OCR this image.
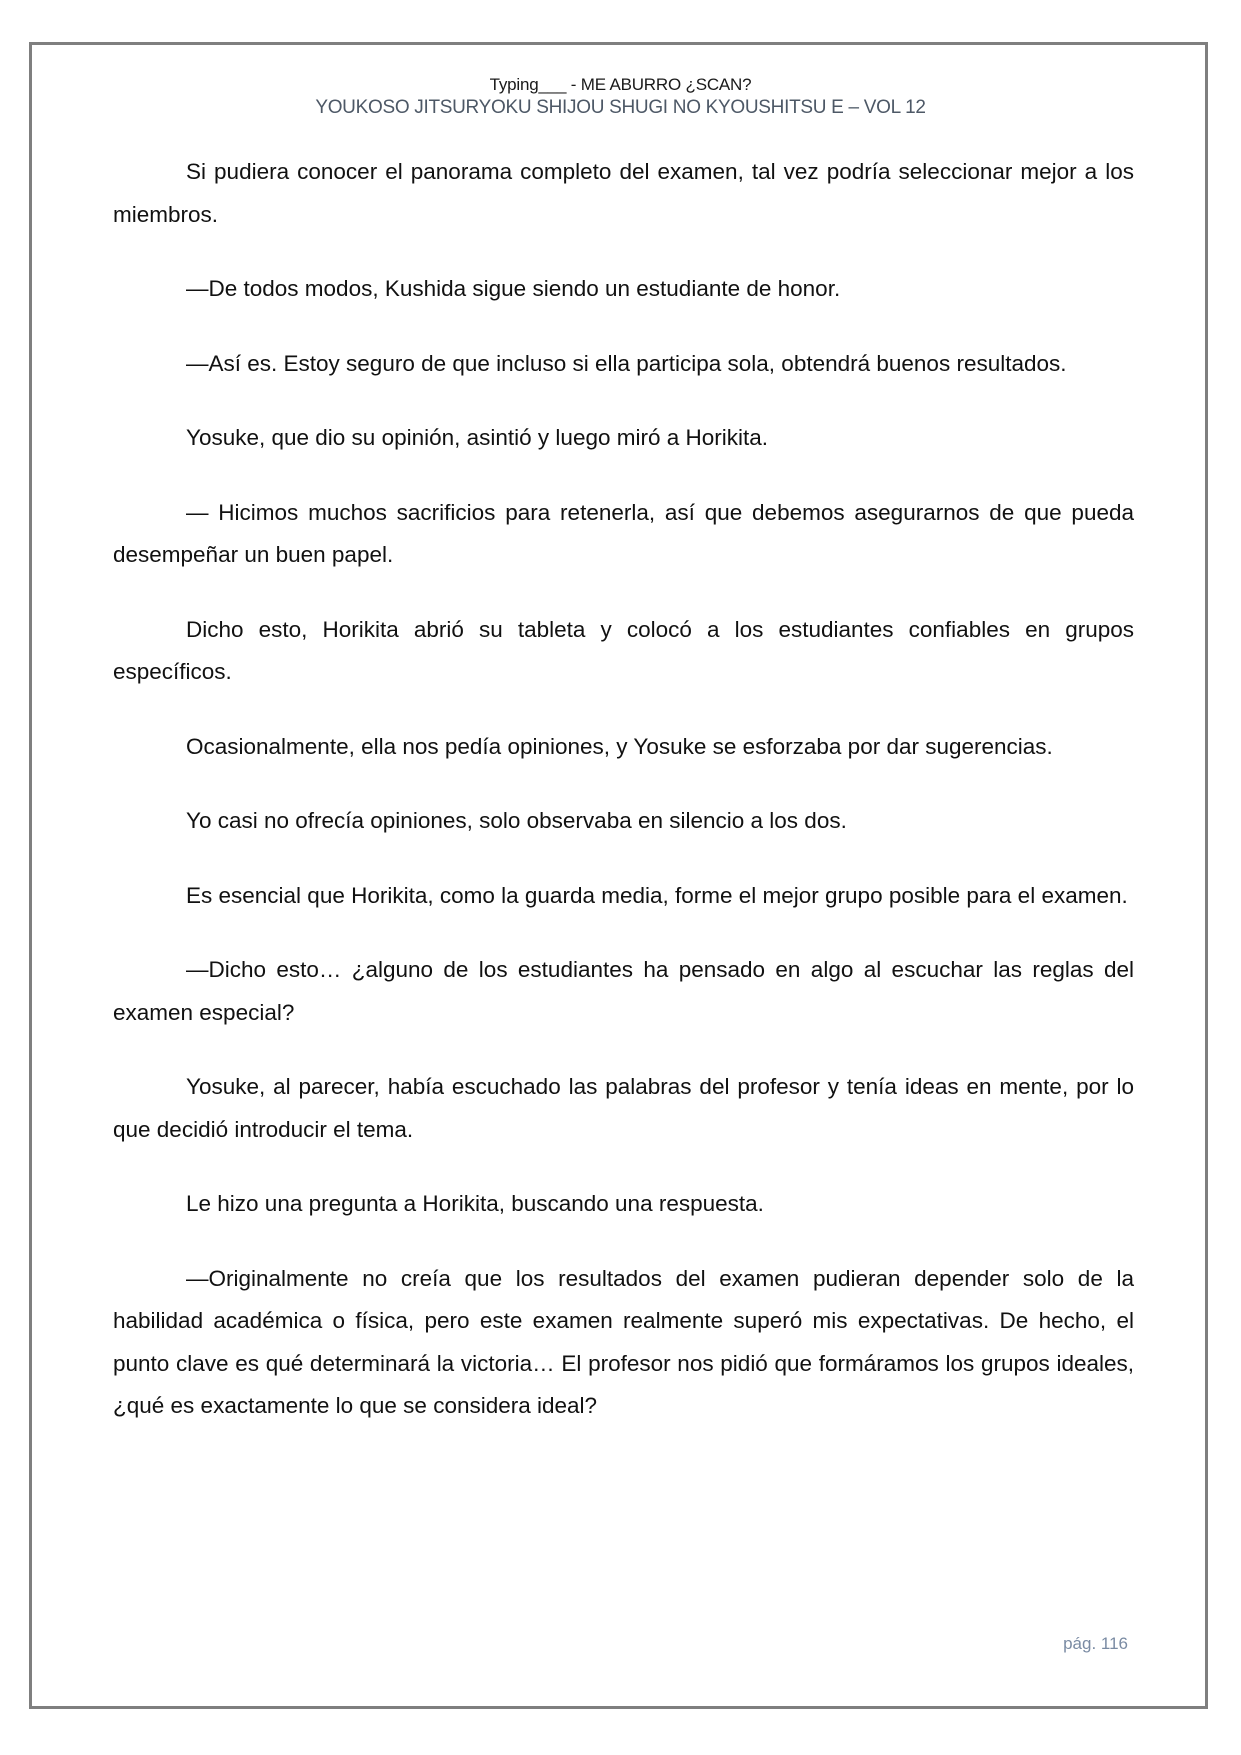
Typing___ - ME ABURRO ¿SCAN?
YOUKOSO JITSURYOKU SHIJOU SHUGI NO KYOUSHITSU E – VOL 12

Si pudiera conocer el panorama completo del examen, tal vez podría seleccionar mejor a los miembros.

—De todos modos, Kushida sigue siendo un estudiante de honor.

—Así es. Estoy seguro de que incluso si ella participa sola, obtendrá buenos resultados.

Yosuke, que dio su opinión, asintió y luego miró a Horikita.

— Hicimos muchos sacrificios para retenerla, así que debemos asegurarnos de que pueda desempeñar un buen papel.

Dicho esto, Horikita abrió su tableta y colocó a los estudiantes confiables en grupos específicos.

Ocasionalmente, ella nos pedía opiniones, y Yosuke se esforzaba por dar sugerencias.

Yo casi no ofrecía opiniones, solo observaba en silencio a los dos.

Es esencial que Horikita, como la guarda media, forme el mejor grupo posible para el examen.

—Dicho esto… ¿alguno de los estudiantes ha pensado en algo al escuchar las reglas del examen especial?

Yosuke, al parecer, había escuchado las palabras del profesor y tenía ideas en mente, por lo que decidió introducir el tema.

Le hizo una pregunta a Horikita, buscando una respuesta.

—Originalmente no creía que los resultados del examen pudieran depender solo de la habilidad académica o física, pero este examen realmente superó mis expectativas. De hecho, el punto clave es qué determinará la victoria… El profesor nos pidió que formáramos los grupos ideales, ¿qué es exactamente lo que se considera ideal?

pág. 116
